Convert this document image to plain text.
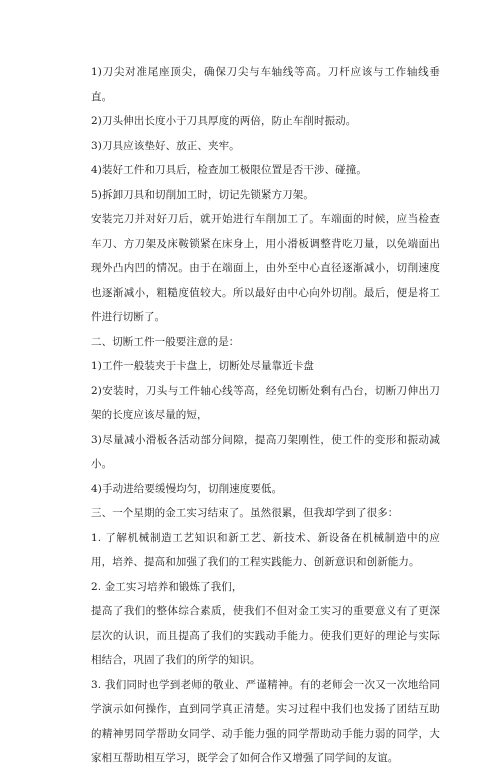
1)刀尖对准尾座顶尖，确保刀尖与车轴线等高。刀杆应该与工作轴线垂直。

2)刀头伸出长度小于刀具厚度的两倍，防止车削时振动。

3)刀具应该垫好、放正、夹牢。

4)装好工件和刀具后，检查加工极限位置是否干涉、碰撞。

5)拆卸刀具和切削加工时，切记先锁紧方刀架。

安装完刀并对好刀后，就开始进行车削加工了。车端面的时候，应当检查车刀、方刀架及床鞍锁紧在床身上，用小滑板调整背吃刀量，以免端面出现外凸内凹的情况。由于在端面上，由外至中心直径逐渐减小，切削速度也逐渐减小，粗糙度值较大。所以最好由中心向外切削。最后，便是将工件进行切断了。

二、切断工件一般要注意的是：

1)工件一般装夹于卡盘上，切断处尽量靠近卡盘

2)安装时，刀头与工件轴心线等高，经免切断处剩有凸台，切断刀伸出刀架的长度应该尽量的短，

3)尽量减小滑板各活动部分间隙，提高刀架刚性，使工件的变形和振动减小。

4)手动进给要缓慢均匀，切削速度要低。

三、一个星期的金工实习结束了。虽然很累，但我却学到了很多：

1. 了解机械制造工艺知识和新工艺、新技术、新设备在机械制造中的应用，培养、提高和加强了我们的工程实践能力、创新意识和创新能力。

2. 金工实习培养和锻炼了我们，

提高了我们的整体综合素质，使我们不但对金工实习的重要意义有了更深层次的认识，而且提高了我们的实践动手能力。使我们更好的理论与实际相结合，巩固了我们的所学的知识。

3. 我们同时也学到老师的敬业、严谨精神。有的老师会一次又一次地给同学演示如何操作，直到同学真正清楚。实习过程中我们也发扬了团结互助的精神男同学帮助女同学、动手能力强的同学帮助动手能力弱的同学，大家相互帮助相互学习，既学会了如何合作又增强了同学间的友谊。
